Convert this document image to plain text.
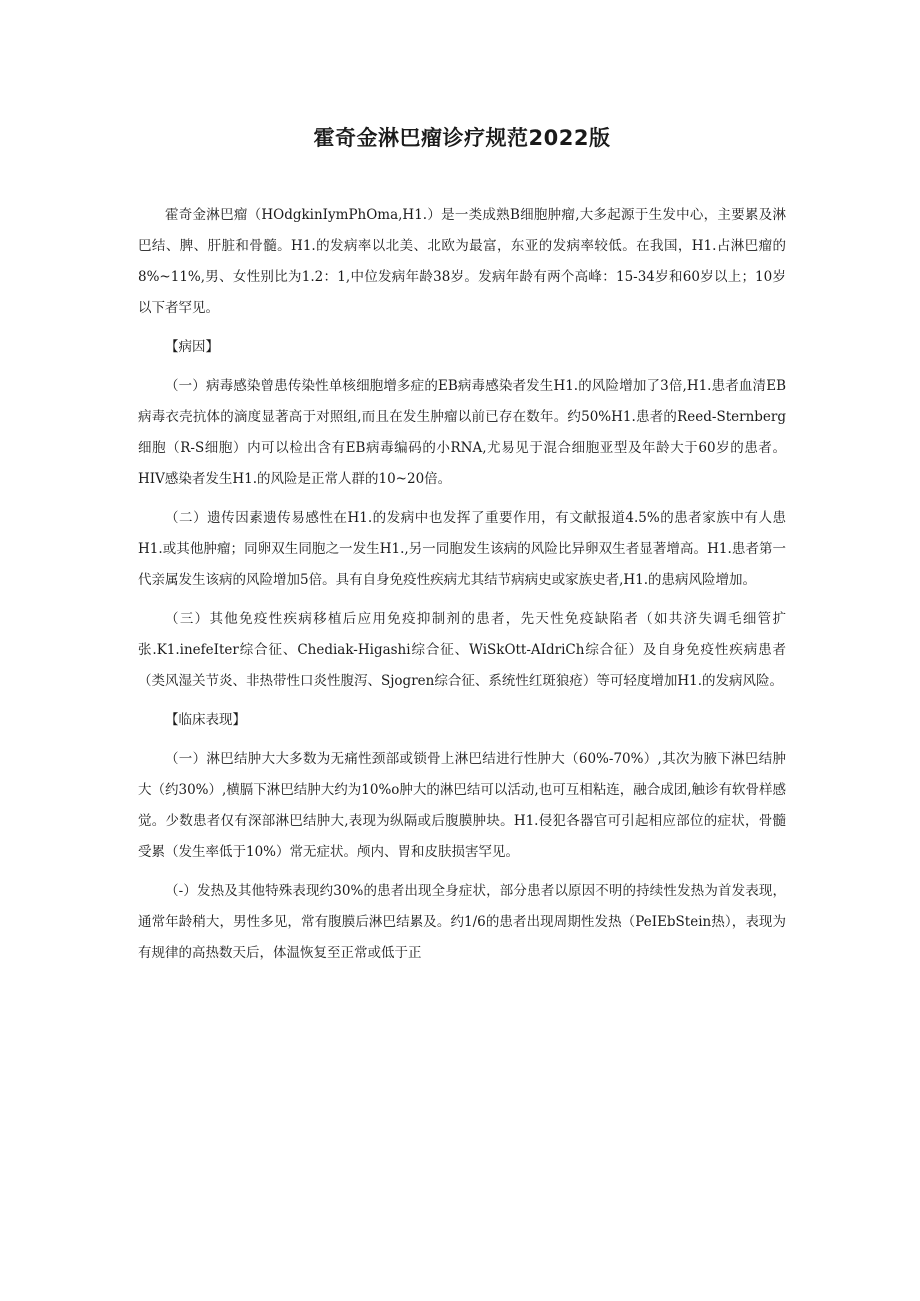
霍奇金淋巴瘤诊疗规范2022版

霍奇金淋巴瘤（HOdgkinIymPhOma,H1.）是一类成熟B细胞肿瘤,大多起源于生发中心，主要累及淋巴结、脾、肝脏和骨髓。H1.的发病率以北美、北欧为最富，东亚的发病率较低。在我国，H1.占淋巴瘤的8%~11%,男、女性别比为1.2：1,中位发病年龄38岁。发病年龄有两个高峰：15-34岁和60岁以上；10岁以下者罕见。

【病因】

（一）病毒感染曾患传染性单核细胞增多症的EB病毒感染者发生H1.的风险增加了3倍,H1.患者血清EB病毒衣壳抗体的滴度显著高于对照组,而且在发生肿瘤以前已存在数年。约50%H1.患者的Reed-Sternberg细胞（R-S细胞）内可以检出含有EB病毒编码的小RNA,尤易见于混合细胞亚型及年龄大于60岁的患者。HIV感染者发生H1.的风险是正常人群的10~20倍。

（二）遗传因素遗传易感性在H1.的发病中也发挥了重要作用，有文献报道4.5%的患者家族中有人患H1.或其他肿瘤；同卵双生同胞之一发生H1.,另一同胞发生该病的风险比异卵双生者显著增高。H1.患者第一代亲属发生该病的风险增加5倍。具有自身免疫性疾病尤其结节病病史或家族史者,H1.的患病风险增加。

（三）其他免疫性疾病移植后应用免疫抑制剂的患者，先天性免疫缺陷者（如共济失调毛细管扩张.K1.inefeIter综合征、Chediak-Higashi综合征、WiSkOtt-AIdriCh综合征）及自身免疫性疾病患者（类风湿关节炎、非热带性口炎性腹泻、Sjogren综合征、系统性红斑狼疮）等可轻度增加H1.的发病风险。

【临床表现】

（一）淋巴结肿大大多数为无痛性颈部或锁骨上淋巴结进行性肿大（60%-70%）,其次为腋下淋巴结肿大（约30%）,横膈下淋巴结肿大约为10%o肿大的淋巴结可以活动,也可互相粘连，融合成团,触诊有软骨样感觉。少数患者仅有深部淋巴结肿大,表现为纵隔或后腹膜肿块。H1.侵犯各器官可引起相应部位的症状，骨髓受累（发生率低于10%）常无症状。颅内、胃和皮肤损害罕见。

（-）发热及其他特殊表现约30%的患者出现全身症状，部分患者以原因不明的持续性发热为首发表现，通常年龄稍大，男性多见，常有腹膜后淋巴结累及。约1/6的患者出现周期性发热（PeIEbStein热），表现为有规律的高热数天后，体温恢复至正常或低于正
